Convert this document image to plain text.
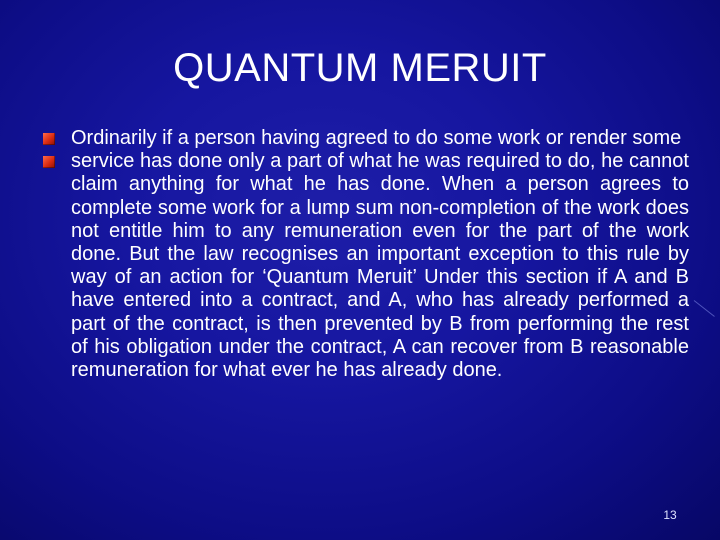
QUANTUM MERUIT
Ordinarily if a person having agreed to do some work or render some
service has done only a part of what he was required to do, he cannot claim anything for what he has done. When a person agrees to complete some work for a lump sum non-completion of the work does not entitle him to any remuneration even for the part of the work done. But the law recognises an important exception to this rule by way of an action for ‘Quantum Meruit’ Under this section if A and B have entered into a contract, and A, who has already performed a part of the contract, is then prevented by B from performing the rest of his obligation under the contract, A can recover from B reasonable remuneration for what ever he has already done.
13
